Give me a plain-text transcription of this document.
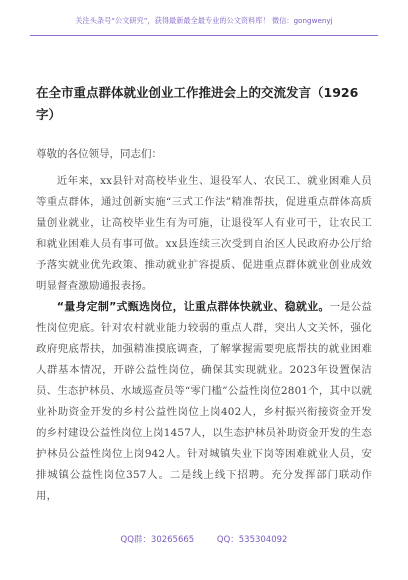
关注头条号“公文研究”，获得最新最全最专业的公文资料库！ 微信：gongwenyj
在全市重点群体就业创业工作推进会上的交流发言（1926字）
尊敬的各位领导，同志们：

近年来，xx县针对高校毕业生、退役军人、农民工、就业困难人员等重点群体，通过创新实施“三式工作法”精准帮扶，促进重点群体高质量创业就业，让高校毕业生有为可施，让退役军人有业可干，让农民工和就业困难人员有事可做。xx县连续三次受到自治区人民政府办公厅给予落实就业优先政策、推动就业扩容提质、促进重点群体就业创业成效明显督查激励通报表扬。

“量身定制”式甄选岗位，让重点群体快就业、稳就业。一是公益性岗位兜底。针对农村就业能力较弱的重点人群，突出人文关怀，强化政府兜底帮扶，加强精准摸底调查，了解掌握需要兜底帮扶的就业困难人群基本情况，开辟公益性岗位，确保其实现就业。2023年设置保洁员、生态护林员、水域巡查员等“零门槛”公益性岗位2801个，其中以就业补助资金开发的乡村公益性岗位上岗402人，乡村振兴衔接资金开发的乡村建设公益性岗位上岗1457人，以生态护林员补助资金开发的生态护林员公益性岗位上岗942人。针对城镇失业下岗等困难就业人员，安排城镇公益性岗位357人。二是线上线下招聘。充分发挥部门联动作用，

QQ群：30265665	QQ：535304092
